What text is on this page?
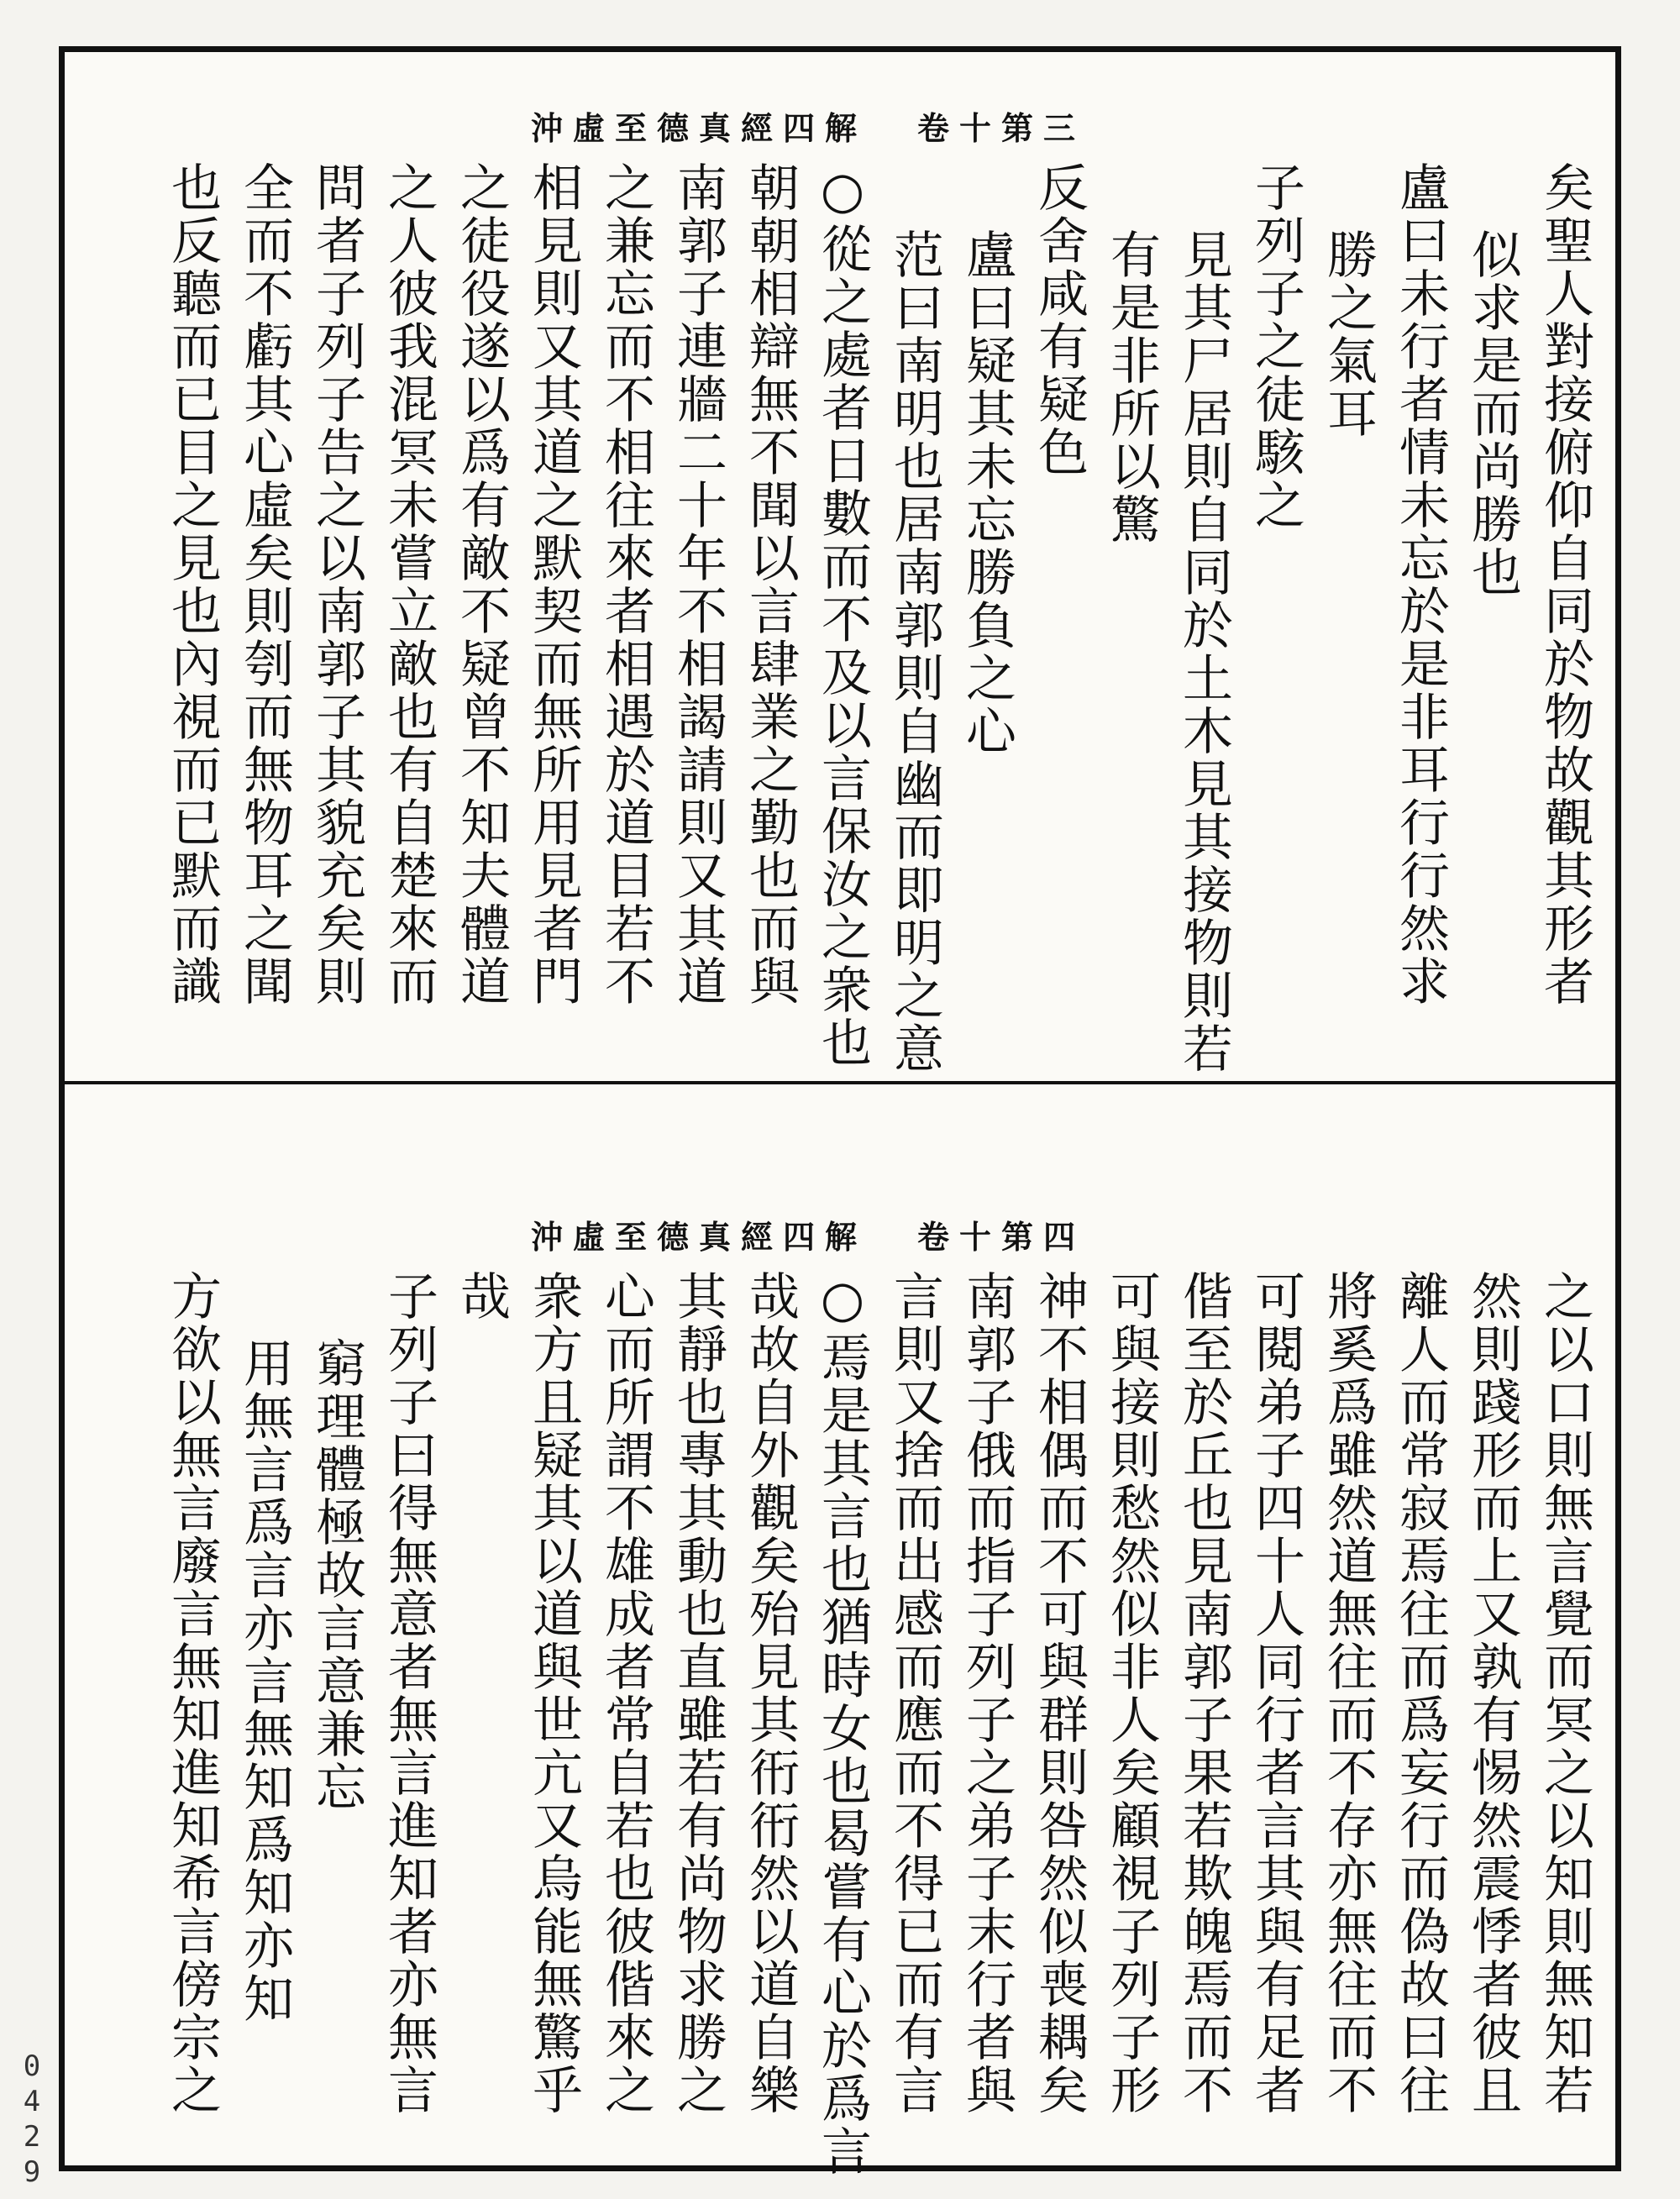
沖虛至德真經四解 卷十第三
矣聖人對接俯仰自同於物故觀其形者
似求是而尚勝也
盧曰未行者情未忘於是非耳行行然求
勝之氣耳
子列子之徒駭之
見其尸居則自同於土木見其接物則若
有是非所以驚
反舍咸有疑色
盧曰疑其未忘勝負之心
范曰南明也居南郭則自幽而即明之意
○從之處者日數而不及以言保汝之衆也
朝朝相辯無不聞以言肆業之勤也而與
南郭子連牆二十年不相謁請則又其道
之兼忘而不相往來者相遇於道目若不
相見則又其道之默契而無所用見者門
之徒役遂以爲有敵不疑曾不知夫體道
之人彼我混冥未嘗立敵也有自楚來而
問者子列子告之以南郭子其貌充矣則
全而不虧其心虛矣則刳而無物耳之聞
也反聽而已目之見也內視而已默而識
沖虛至德真經四解 卷十第四
之以口則無言覺而冥之以知則無知若
然則踐形而上又孰有惕然震悸者彼且
離人而常寂焉往而爲妄行而偽故曰往
將奚爲雖然道無往而不存亦無往而不
可閱弟子四十人同行者言其與有足者
偕至於丘也見南郭子果若欺魄焉而不
可與接則愁然似非人矣顧視子列子形
神不相偶而不可與群則咎然似喪耦矣
南郭子俄而指子列子之弟子末行者與
言則又捨而出感而應而不得已而有言
○焉是其言也猶時女也曷嘗有心於爲言
哉故自外觀矣殆見其衎衎然以道自樂
其靜也專其動也直雖若有尚物求勝之
心而所謂不雄成者常自若也彼偕來之
衆方且疑其以道與世亢又烏能無驚乎
哉
子列子曰得無意者無言進知者亦無言
窮理體極故言意兼忘
用無言爲言亦言無知爲知亦知
方欲以無言廢言無知進知希言傍宗之
0429
